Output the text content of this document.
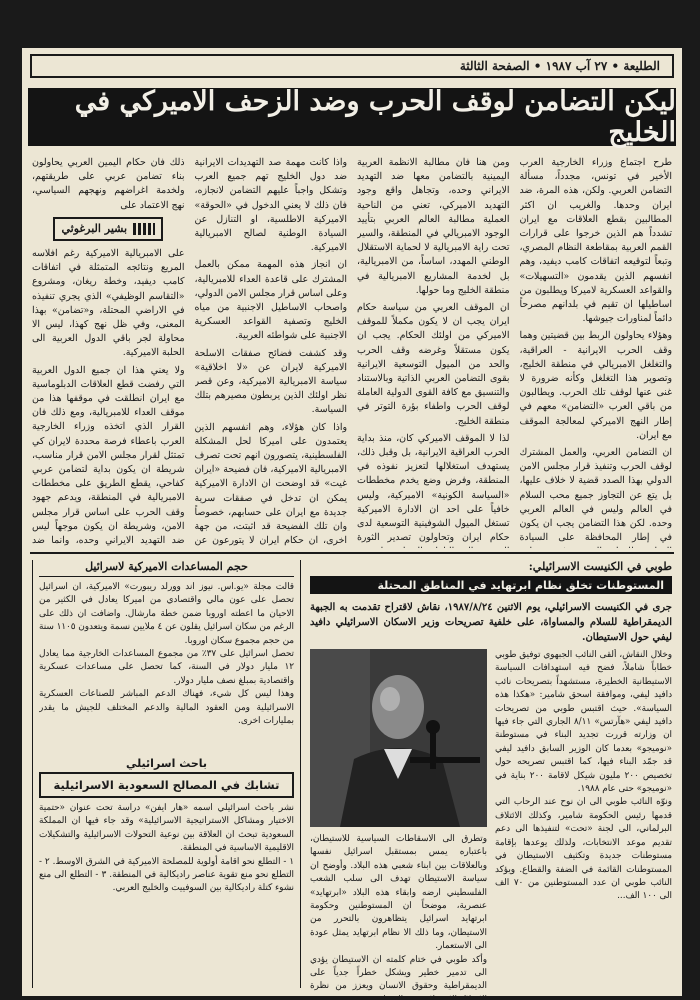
الطليعة • ٢٧ آب ١٩٨٧ • الصفحة الثالثة
ليكن التضامن لوقف الحرب وضد الزحف الاميركي في الخليج

طرح اجتماع وزراء الخارجية العرب الأخير في تونس، مجدداً، مسألة التضامن العربي. ولكن، هذه المرة، ضد ايران وحدها. والغريب ان اكثر المطالبين بقطع العلاقات مع ايران تشدداً هم الذين خرجوا على قرارات القمم العربية بمقاطعة النظام المصري، وتبعاً لتوقيعه اتفاقات كامب ديفيد، وهم انفسهم الذين يقدمون «التسهيلات» والقواعد العسكرية لاميركا ويطلبون من اساطيلها ان تقيم في بلدانهم مصرحاً دائماً لمناورات جيوشها.

وهؤلاء يحاولون الربط بين قضيتين وهما وقف الحرب الايرانية - العراقية، والتغلغل الامبريالي في منطقة الخليج، وتصوير هذا التغلغل وكأنه ضرورة لا غنى عنها لوقف تلك الحرب. ويطالبون من باقي العرب «التضامن» معهم في إطار النهج الاميركي لمعالجة الموقف مع ايران.

ان التضامن العربي، والعمل المشترك لوقف الحرب وتنفيذ قرار مجلس الامن الدولي بهذا الصدد قضية لا خلاف عليها، بل يتع عن التجاوز جميع محب السلام في العالم وليس في العالم العربي وحده. لكن هذا التضامن يجب ان يكون في إطار المحافظة على السيادة

ومن هنا فان مطالبة الانظمة العربية اليمينية بالتضامن معها ضد التهديد الايراني وحده، وتجاهل واقع وجود التهديد الاميركي، تعني من الناحية العملية مطالبة العالم العربي بتأييد الوجود الامبريالي في المنطقة، والسير تحت راية الامبريالية لا لحماية الاستقلال الوطني المهدد، اساساً، من الامبريالية، بل لخدمة المشاريع الامبريالية في منطقة الخليج وما حولها.

ان الموقف العربي من سياسة حكام ايران يجب ان لا يكون مكملاً للموقف الاميركي من اولئك الحكام. يجب ان يكون مستقلاً وغرضه وقف الحرب والحد من الميول التوسعية الايرانية بقوى التضامن العربي الذاتية وبالاستناد والتنسيق مع كافة القوى الدولية العاملة لوقف الحرب واطفاء بؤرة التوتر في منطقة الخليج.

لذا لا الموقف الاميركي كان، منذ بداية الحرب العراقية الايرانية، بل وقبل ذلك، يستهدف استغلالها لتعزيز نفوذه في المنطقة، وفرض وضع يخدم مخططات «السياسة الكونية» الاميركية، وليس خافياً على احد ان الادارة الاميركية تستغل الميول الشوفينية التوسعية لدى حكام ايران وتحاولون تصدير الثورة

واذا كانت مهمة صد التهديدات الايرانية ضد دول الخليج تهم جميع العرب وتشكل واجباً عليهم التضامن لانجازه، فان ذلك لا يعني الدخول في «الحوقة» الاميركية الاطلسية، او التنازل عن السيادة الوطنية لصالح الامبريالية الاميركية.

ان انجاز هذه المهمة ممكن بالعمل المشترك على قاعدة العداء للامبريالية، وعلى اساس قرار مجلس الامن الدولي، واصحاب الاساطيل الاجنبية من مياه الخليج وتصفية القواعد العسكرية الاجنبية على شواطئه العربية.

وقد كشفت فضائح صفقات الاسلحة الاميركية لايران عن «لا اخلاقية» سياسة الامبريالية الاميركية، وعن قصر نظر اولئك الذين يربطون مصيرهم بتلك السياسة.

واذا كان هؤلاء، وهم انفسهم الذين يعتمدون على اميركا لحل المشكلة الفلسطينية، يتصورون انهم تحت تصرف الامبريالية الاميركية، فان فضيحة «ايران غيت» قد اوضحت ان الادارة الاميركية يمكن ان تدخل في صفقات سرية جديدة مع ايران على حسابهم، خصوصاً وان تلك الفضيحة قد اثبتت، من جهة اخرى، ان حكام ايران لا يتورعون عن

ذلك فان حكام اليمين العربي يحاولون بناء تضامن عربي على طريقتهم، ولخدمة اغراضهم ونهجهم السياسي، نهج الاعتماد على

بشير البرغوثي

على الامبريالية الاميركية رغم افلاسه المريع ونتائجه المتمثلة في اتفاقات كامب ديفيد، وخطة ريغان، ومشروع «التقاسم الوظيفي» الذي يجري تنفيذه في الاراضي المحتلة، و«تضامن» بهذا المعنى، وفي ظل نهج كهذا، ليس الا محاولة لجر باقي الدول العربية الى الحلبة الاميركية.

ولا يعني هذا ان جميع الدول العربية التي رفضت قطع العلاقات الدبلوماسية مع ايران انطلقت في موقفها هذا من موقف العداء للامبريالية، ومع ذلك فان القرار الذي اتخذه وزراء الخارجية العرب باعطاء فرصة محددة لايران كي تمتثل لقرار مجلس الامن قرار مناسب، شريطة ان يكون بداية لتضامن عربي كفاحي، يقطع الطريق على مخططات الامبريالية في المنطقة، ويدعم جهود وقف الحرب على اساس قرار مجلس الامن، وشريطة ان يكون موجهاً ليس ضد التهديد الايراني وحده، وانما ضد

طوبي في الكنيست الاسرائيلي:
المستوطنات تخلق نظام ابرتهايد في المناطق المحتلة
جرى في الكنيست الاسرائيلي، يوم الاثنين ١٩٨٧/٨/٢٤، نقاش لاقتراح تقدمت به الجبهة الديمقراطية للسلام والمساواة، على خلفية تصريحات وزير الاسكان الاسرائيلي دافيد ليفي حول الاستيطان.

وخلال النقاش، ألقى النائب الجبهوي توفيق طوبي خطاباً شاملاً، فضح فيه استهدافات السياسة الاستيطانية الخطيرة، مستشهداً بتصريحات نائب دافيد ليفي، وموافقة اسحق شامير: «هكذا هذه السياسة». حيث اقتبس طوبي من تصريحات دافيد ليفي «هآرتس» ٨/١١ الجاري التي جاء فيها ان وزارته قررت تجديد البناء في مستوطنة «نوميجو» بعدما كان الوزير السابق دافيد ليفي قد جمّد البناء فيها، كما اقتبس تصريحه حول تخصيص ٢٠٠ مليون شيكل لاقامة ٢٠٠ بناية في «نوميجو» حتى عام ١٩٨٨.

ونوّه النائب طوبي الى ان نوح عند الرحاب التي قدمها رئيس الحكومة شامير، وكذلك الائتلاف البرلماني، الى لجنة «تحت» لتنفيذها الى دعم تقديم موعد الانتخابات، ولذلك يوعدها بإقامة مستوطنات جديدة وتكثيف الاستيطان في المستوطنات القائمة في الضفة والقطاع. ويؤكد النائب طوبي ان عدد المستوطنين من ٧٠ الف الى ١٠٠ الف...

وتطرق الى الاسقاطات السياسية للاستيطان، باعتباره يمس بمستقبل اسرائيل نفسها وبالعلاقات بين ابناء شعبي هذه البلاد. وأوضح ان سياسة الاستيطان تهدف الى سلب الشعب الفلسطيني ارضه وابقاء هذه البلاد «ابرتهايد» عنصرية، موضحاً ان المستوطنين وحكومة ابرتهايد اسرائيل يتظاهرون بالتحرر من الاستيطان، وما ذلك الا نظام ابرتهايد يمثل عودة الى الاستعمار.

وأكد طوبي في ختام كلمته ان الاستيطان يؤدي الى تدمير خطير ويشكل خطراً جدياً على الديمقراطية وحقوق الانسان ويعزز من نظرة

حجم المساعدات الاميركية لاسرائيل

قالت مجلة «يو.اس. نيوز اند وورلد ريبورت» الاميركية، ان اسرائيل تحصل على عون مالي واقتصادي من اميركا يعادل في الكثير من الاحيان ما اعطته اوروبا ضمن خطة مارشال. واضافت ان ذلك على الرغم من سكان اسرائيل يقلون عن ٤ ملايين نسمة ويتعدون ١١٠٥ سنة من حجم مجموع سكان اوروبا.

تحصل اسرائيل على ٣٧٪ من مجموع المساعدات الخارجية مما يعادل ١٢ مليار دولار في السنة، كما تحصل على مساعدات عسكرية واقتصادية بمبلغ نصف مليار دولار.

وهذا ليس كل شيء، فهناك الدعم المباشر للصناعات العسكرية الاسرائيلية ومن العقود المالية والدعم المختلف للجيش ما يقدر بمليارات اخرى.

باحث اسرائيلي
تشابك في المصالح السعودية الاسرائيلية

نشر باحث اسرائيلي اسمه «هار ايفن» دراسة تحت عنوان «حتمية الاختيار ومشاكل الاستراتيجية الاسرائيلية» وقد جاء فيها ان المملكة السعودية تبحث ان العلاقة بين نوعية التحولات الاسرائيلية والتشكيلات الاقليمية الاساسية في المنطقة.

١ - التطلع نحو اقامة أولوية للمصلحة الاميركية في الشرق الاوسط. ٢ - التطلع نحو منع تقوية عناصر راديكالية في المنطقة. ٣ - التطلع الى منع نشوء كتلة راديكالية بين السوفييت والخليج العربي.
